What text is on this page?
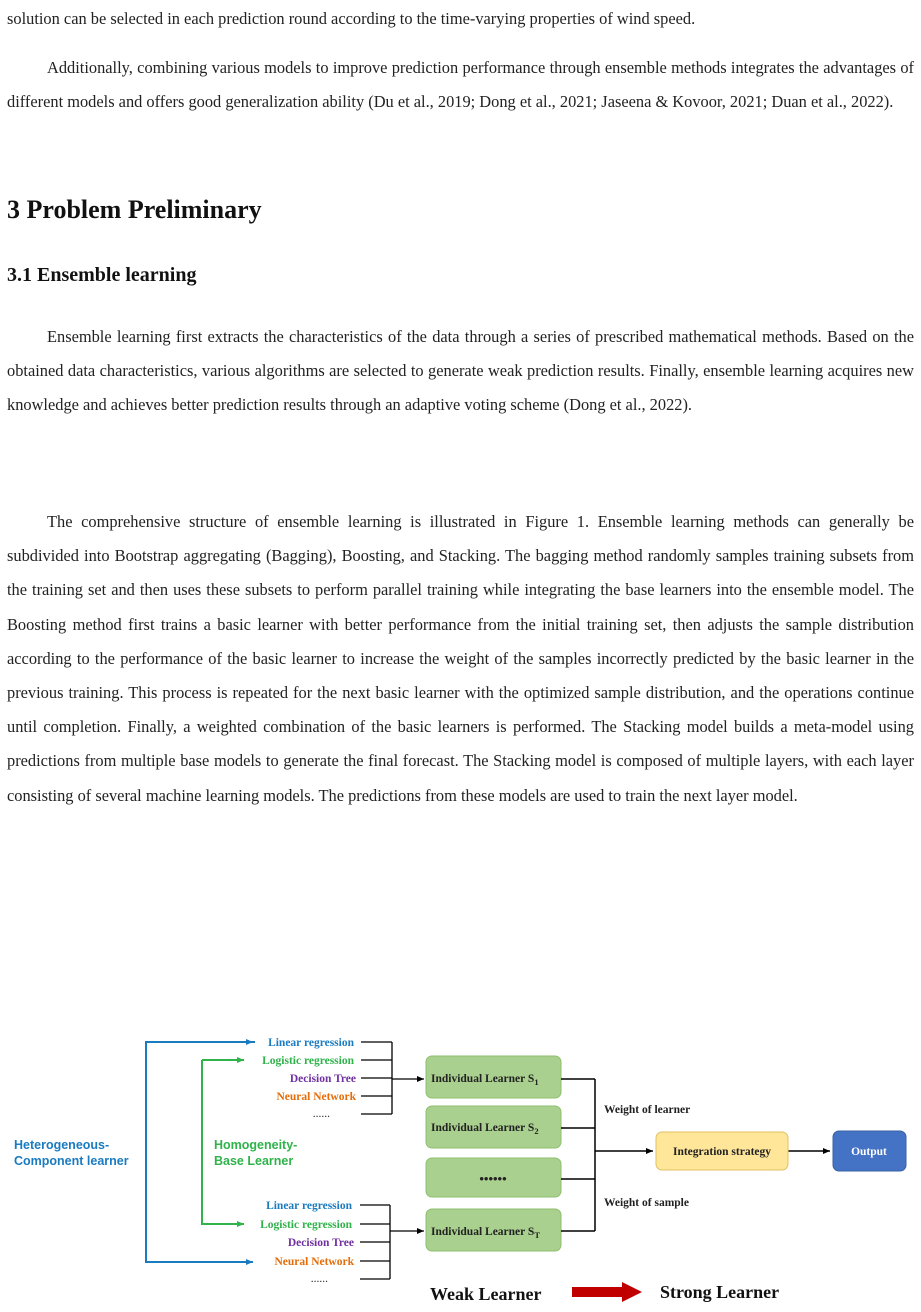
solution can be selected in each prediction round according to the time-varying properties of wind speed.

Additionally, combining various models to improve prediction performance through ensemble methods integrates the advantages of different models and offers good generalization ability (Du et al., 2019; Dong et al., 2021; Jaseena & Kovoor, 2021; Duan et al., 2022).

3 Problem Preliminary
3.1 Ensemble learning

Ensemble learning first extracts the characteristics of the data through a series of prescribed mathematical methods. Based on the obtained data characteristics, various algorithms are selected to generate weak prediction results. Finally, ensemble learning acquires new knowledge and achieves better prediction results through an adaptive voting scheme (Dong et al., 2022).

The comprehensive structure of ensemble learning is illustrated in Figure 1. Ensemble learning methods can generally be subdivided into Bootstrap aggregating (Bagging), Boosting, and Stacking. The bagging method randomly samples training subsets from the training set and then uses these subsets to perform parallel training while integrating the base learners into the ensemble model. The Boosting method first trains a basic learner with better performance from the initial training set, then adjusts the sample distribution according to the performance of the basic learner to increase the weight of the samples incorrectly predicted by the basic learner in the previous training. This process is repeated for the next basic learner with the optimized sample distribution, and the operations continue until completion. Finally, a weighted combination of the basic learners is performed. The Stacking model builds a meta-model using predictions from multiple base models to generate the final forecast. The Stacking model is composed of multiple layers, with each layer consisting of several machine learning models. The predictions from these models are used to train the next layer model.

Heterogeneous-
Component learner
Homogeneity-
Base Learner
Linear regression
Logistic regression
Decision Tree
Neural Network
......
Linear regression
Logistic regression
Decision Tree
Neural Network
......
Individual Learner $S_1$
Individual Learner $S_2$
••••••
Individual Learner $S_T$
Weight of learner
Weight of sample
Integration strategy	Output
Weak Learner	Strong Learner
